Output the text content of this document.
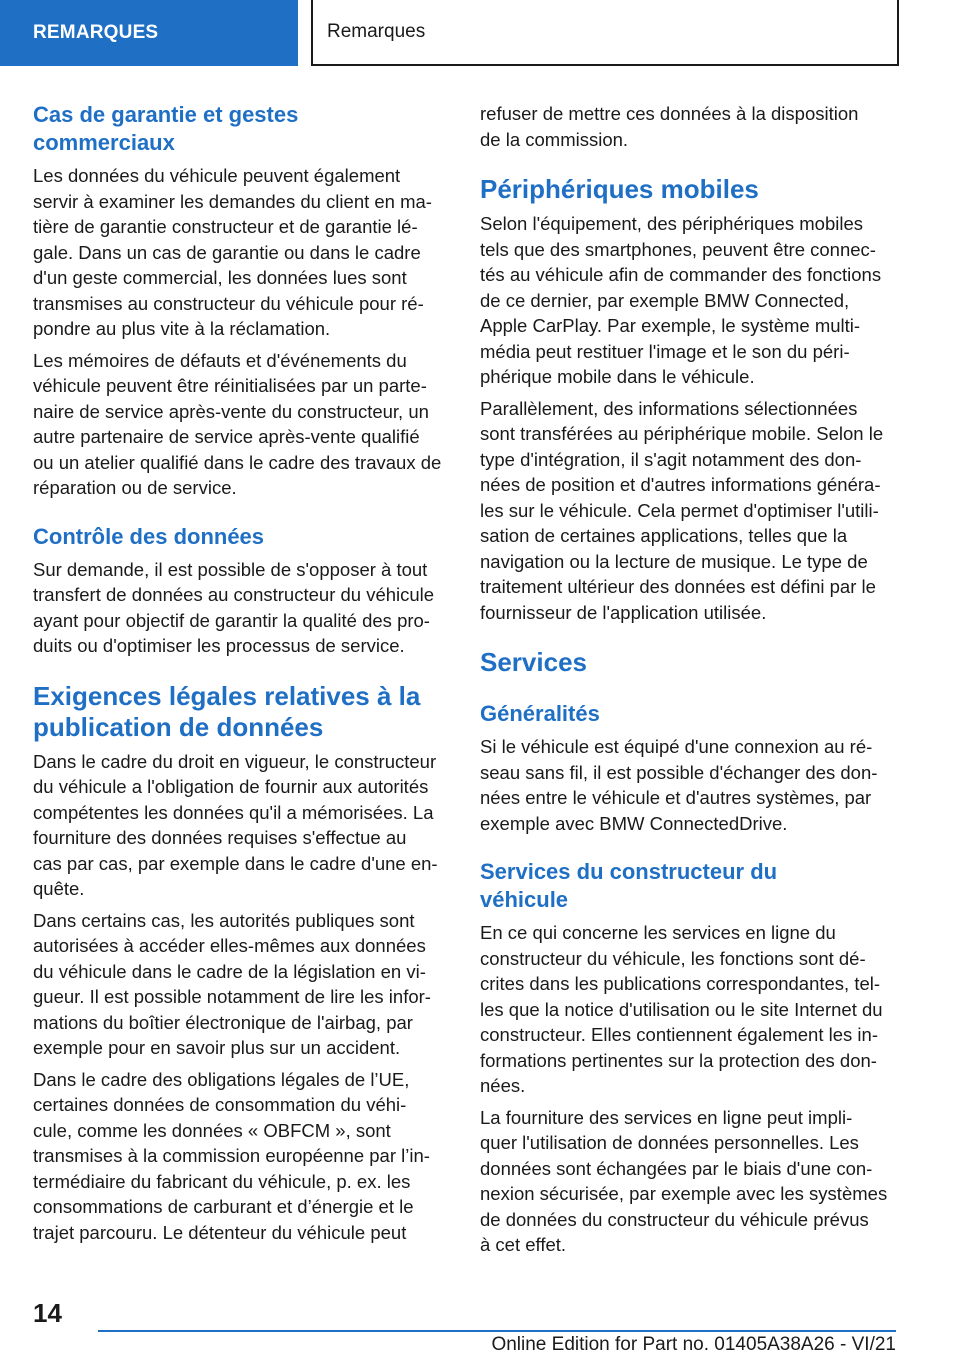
REMARQUES	Remarques
Cas de garantie et gestes
commerciaux
Les données du véhicule peuvent également
servir à examiner les demandes du client en ma‐
tière de garantie constructeur et de garantie lé‐
gale. Dans un cas de garantie ou dans le cadre
d'un geste commercial, les données lues sont
transmises au constructeur du véhicule pour ré‐
pondre au plus vite à la réclamation.
Les mémoires de défauts et d'événements du
véhicule peuvent être réinitialisées par un parte‐
naire de service après-vente du constructeur, un
autre partenaire de service après-vente qualifié
ou un atelier qualifié dans le cadre des travaux de
réparation ou de service.
Contrôle des données
Sur demande, il est possible de s'opposer à tout
transfert de données au constructeur du véhicule
ayant pour objectif de garantir la qualité des pro‐
duits ou d'optimiser les processus de service.
Exigences légales relatives à la
publication de données
Dans le cadre du droit en vigueur, le constructeur
du véhicule a l'obligation de fournir aux autorités
compétentes les données qu'il a mémorisées. La
fourniture des données requises s'effectue au
cas par cas, par exemple dans le cadre d'une en‐
quête.
Dans certains cas, les autorités publiques sont
autorisées à accéder elles-mêmes aux données
du véhicule dans le cadre de la législation en vi‐
gueur. Il est possible notamment de lire les infor‐
mations du boîtier électronique de l'airbag, par
exemple pour en savoir plus sur un accident.
Dans le cadre des obligations légales de l’UE,
certaines données de consommation du véhi‐
cule, comme les données « OBFCM », sont
transmises à la commission européenne par l’in‐
termédiaire du fabricant du véhicule, p. ex. les
consommations de carburant et d’énergie et le
trajet parcouru. Le détenteur du véhicule peut
refuser de mettre ces données à la disposition
de la commission.
Périphériques mobiles
Selon l'équipement, des périphériques mobiles
tels que des smartphones, peuvent être connec‐
tés au véhicule afin de commander des fonctions
de ce dernier, par exemple BMW Connected,
Apple CarPlay. Par exemple, le système multi‐
média peut restituer l'image et le son du péri‐
phérique mobile dans le véhicule.
Parallèlement, des informations sélectionnées
sont transférées au périphérique mobile. Selon le
type d'intégration, il s'agit notamment des don‐
nées de position et d'autres informations généra‐
les sur le véhicule. Cela permet d'optimiser l'utili‐
sation de certaines applications, telles que la
navigation ou la lecture de musique. Le type de
traitement ultérieur des données est défini par le
fournisseur de l'application utilisée.
Services
Généralités
Si le véhicule est équipé d'une connexion au ré‐
seau sans fil, il est possible d'échanger des don‐
nées entre le véhicule et d'autres systèmes, par
exemple avec BMW ConnectedDrive.
Services du constructeur du
véhicule
En ce qui concerne les services en ligne du
constructeur du véhicule, les fonctions sont dé‐
crites dans les publications correspondantes, tel‐
les que la notice d'utilisation ou le site Internet du
constructeur. Elles contiennent également les in‐
formations pertinentes sur la protection des don‐
nées.
La fourniture des services en ligne peut impli‐
quer l'utilisation de données personnelles. Les
données sont échangées par le biais d'une con‐
nexion sécurisée, par exemple avec les systèmes
de données du constructeur du véhicule prévus
à cet effet.
14
Online Edition for Part no. 01405A38A26 - VI/21
